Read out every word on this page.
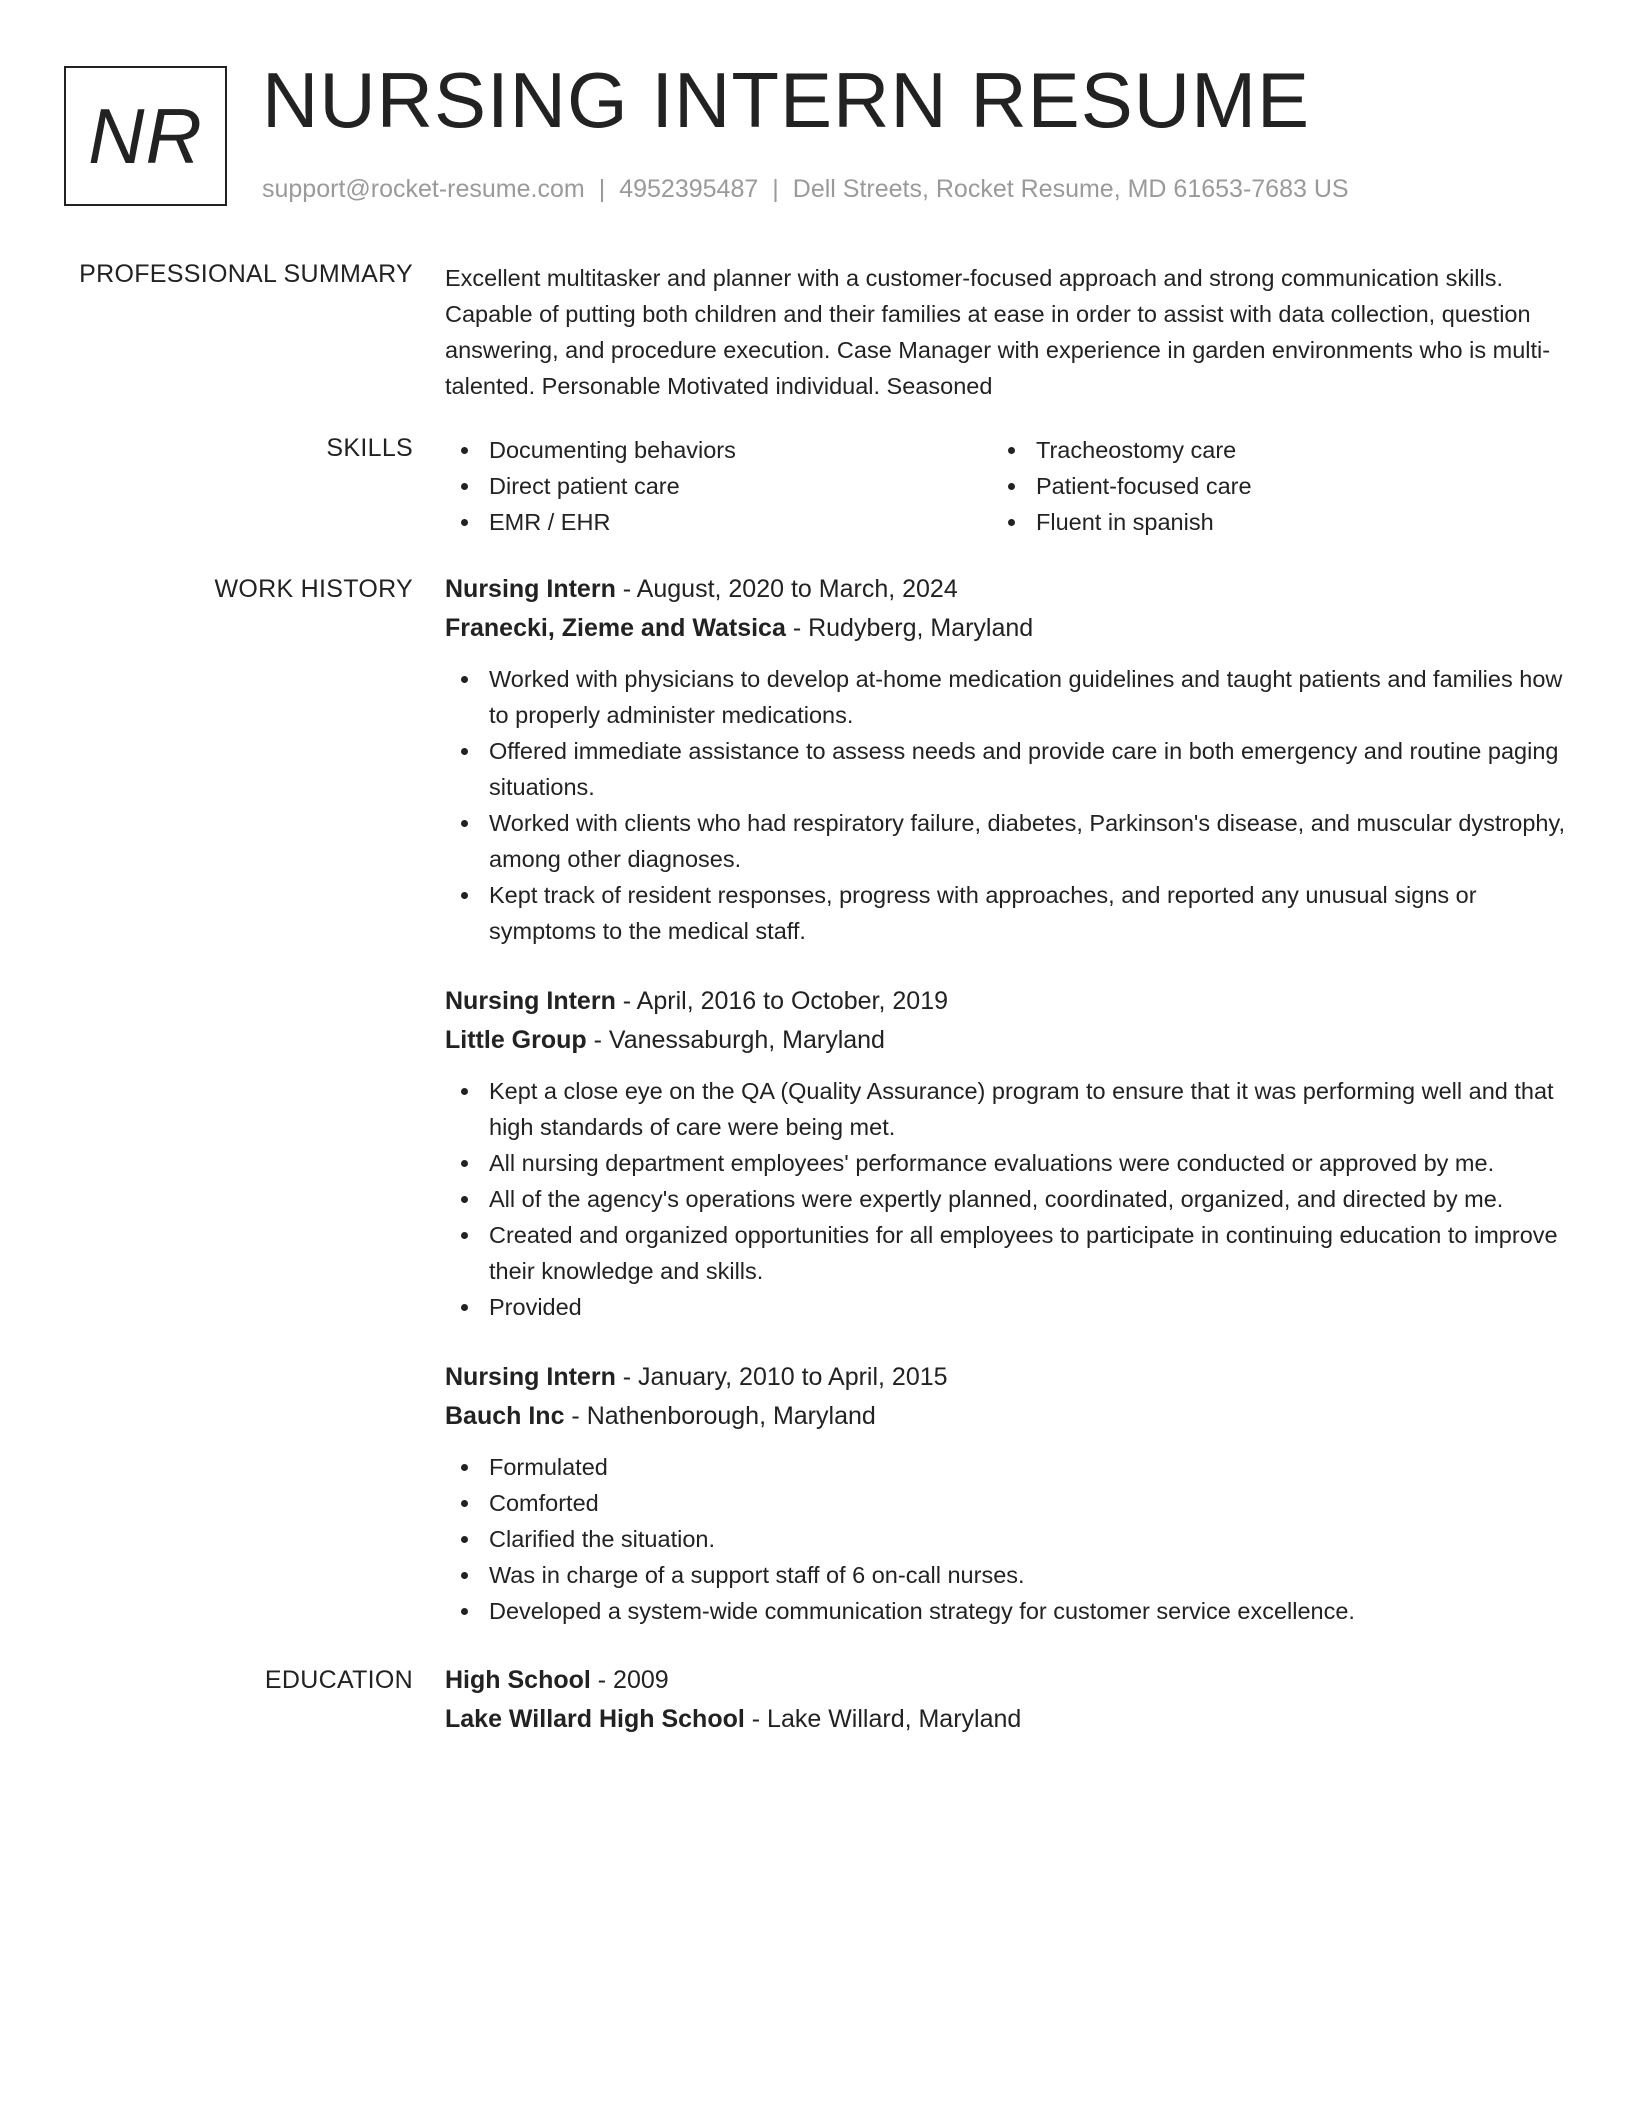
NR NURSING INTERN RESUME
support@rocket-resume.com | 4952395487 | Dell Streets, Rocket Resume, MD 61653-7683 US
PROFESSIONAL SUMMARY Excellent multitasker and planner with a customer-focused approach and strong communication skills. Capable of putting both children and their families at ease in order to assist with data collection, question answering, and procedure execution. Case Manager with experience in garden environments who is multi-talented. Personable Motivated individual. Seasoned

SKILLS	Documenting behaviors
Direct patient care
EMR / EHR
Tracheostomy care
Patient-focused care
Fluent in spanish
WORK HISTORY Nursing Intern - August, 2020 to March, 2024
Franecki, Zieme and Watsica - Rudyberg, Maryland
Worked with physicians to develop at-home medication guidelines and taught patients and families how to properly administer medications.
Offered immediate assistance to assess needs and provide care in both emergency and routine paging situations.
Worked with clients who had respiratory failure, diabetes, Parkinson's disease, and muscular dystrophy, among other diagnoses.
Kept track of resident responses, progress with approaches, and reported any unusual signs or symptoms to the medical staff.
Nursing Intern - April, 2016 to October, 2019
Little Group - Vanessaburgh, Maryland
Kept a close eye on the QA (Quality Assurance) program to ensure that it was performing well and that high standards of care were being met.
All nursing department employees' performance evaluations were conducted or approved by me.
All of the agency's operations were expertly planned, coordinated, organized, and directed by me.
Created and organized opportunities for all employees to participate in continuing education to improve their knowledge and skills.
Provided
Nursing Intern - January, 2010 to April, 2015
Bauch Inc - Nathenborough, Maryland
Formulated
Comforted
Clarified the situation.
Was in charge of a support staff of 6 on-call nurses.
Developed a system-wide communication strategy for customer service excellence.
EDUCATION High School - 2009
Lake Willard High School - Lake Willard, Maryland
